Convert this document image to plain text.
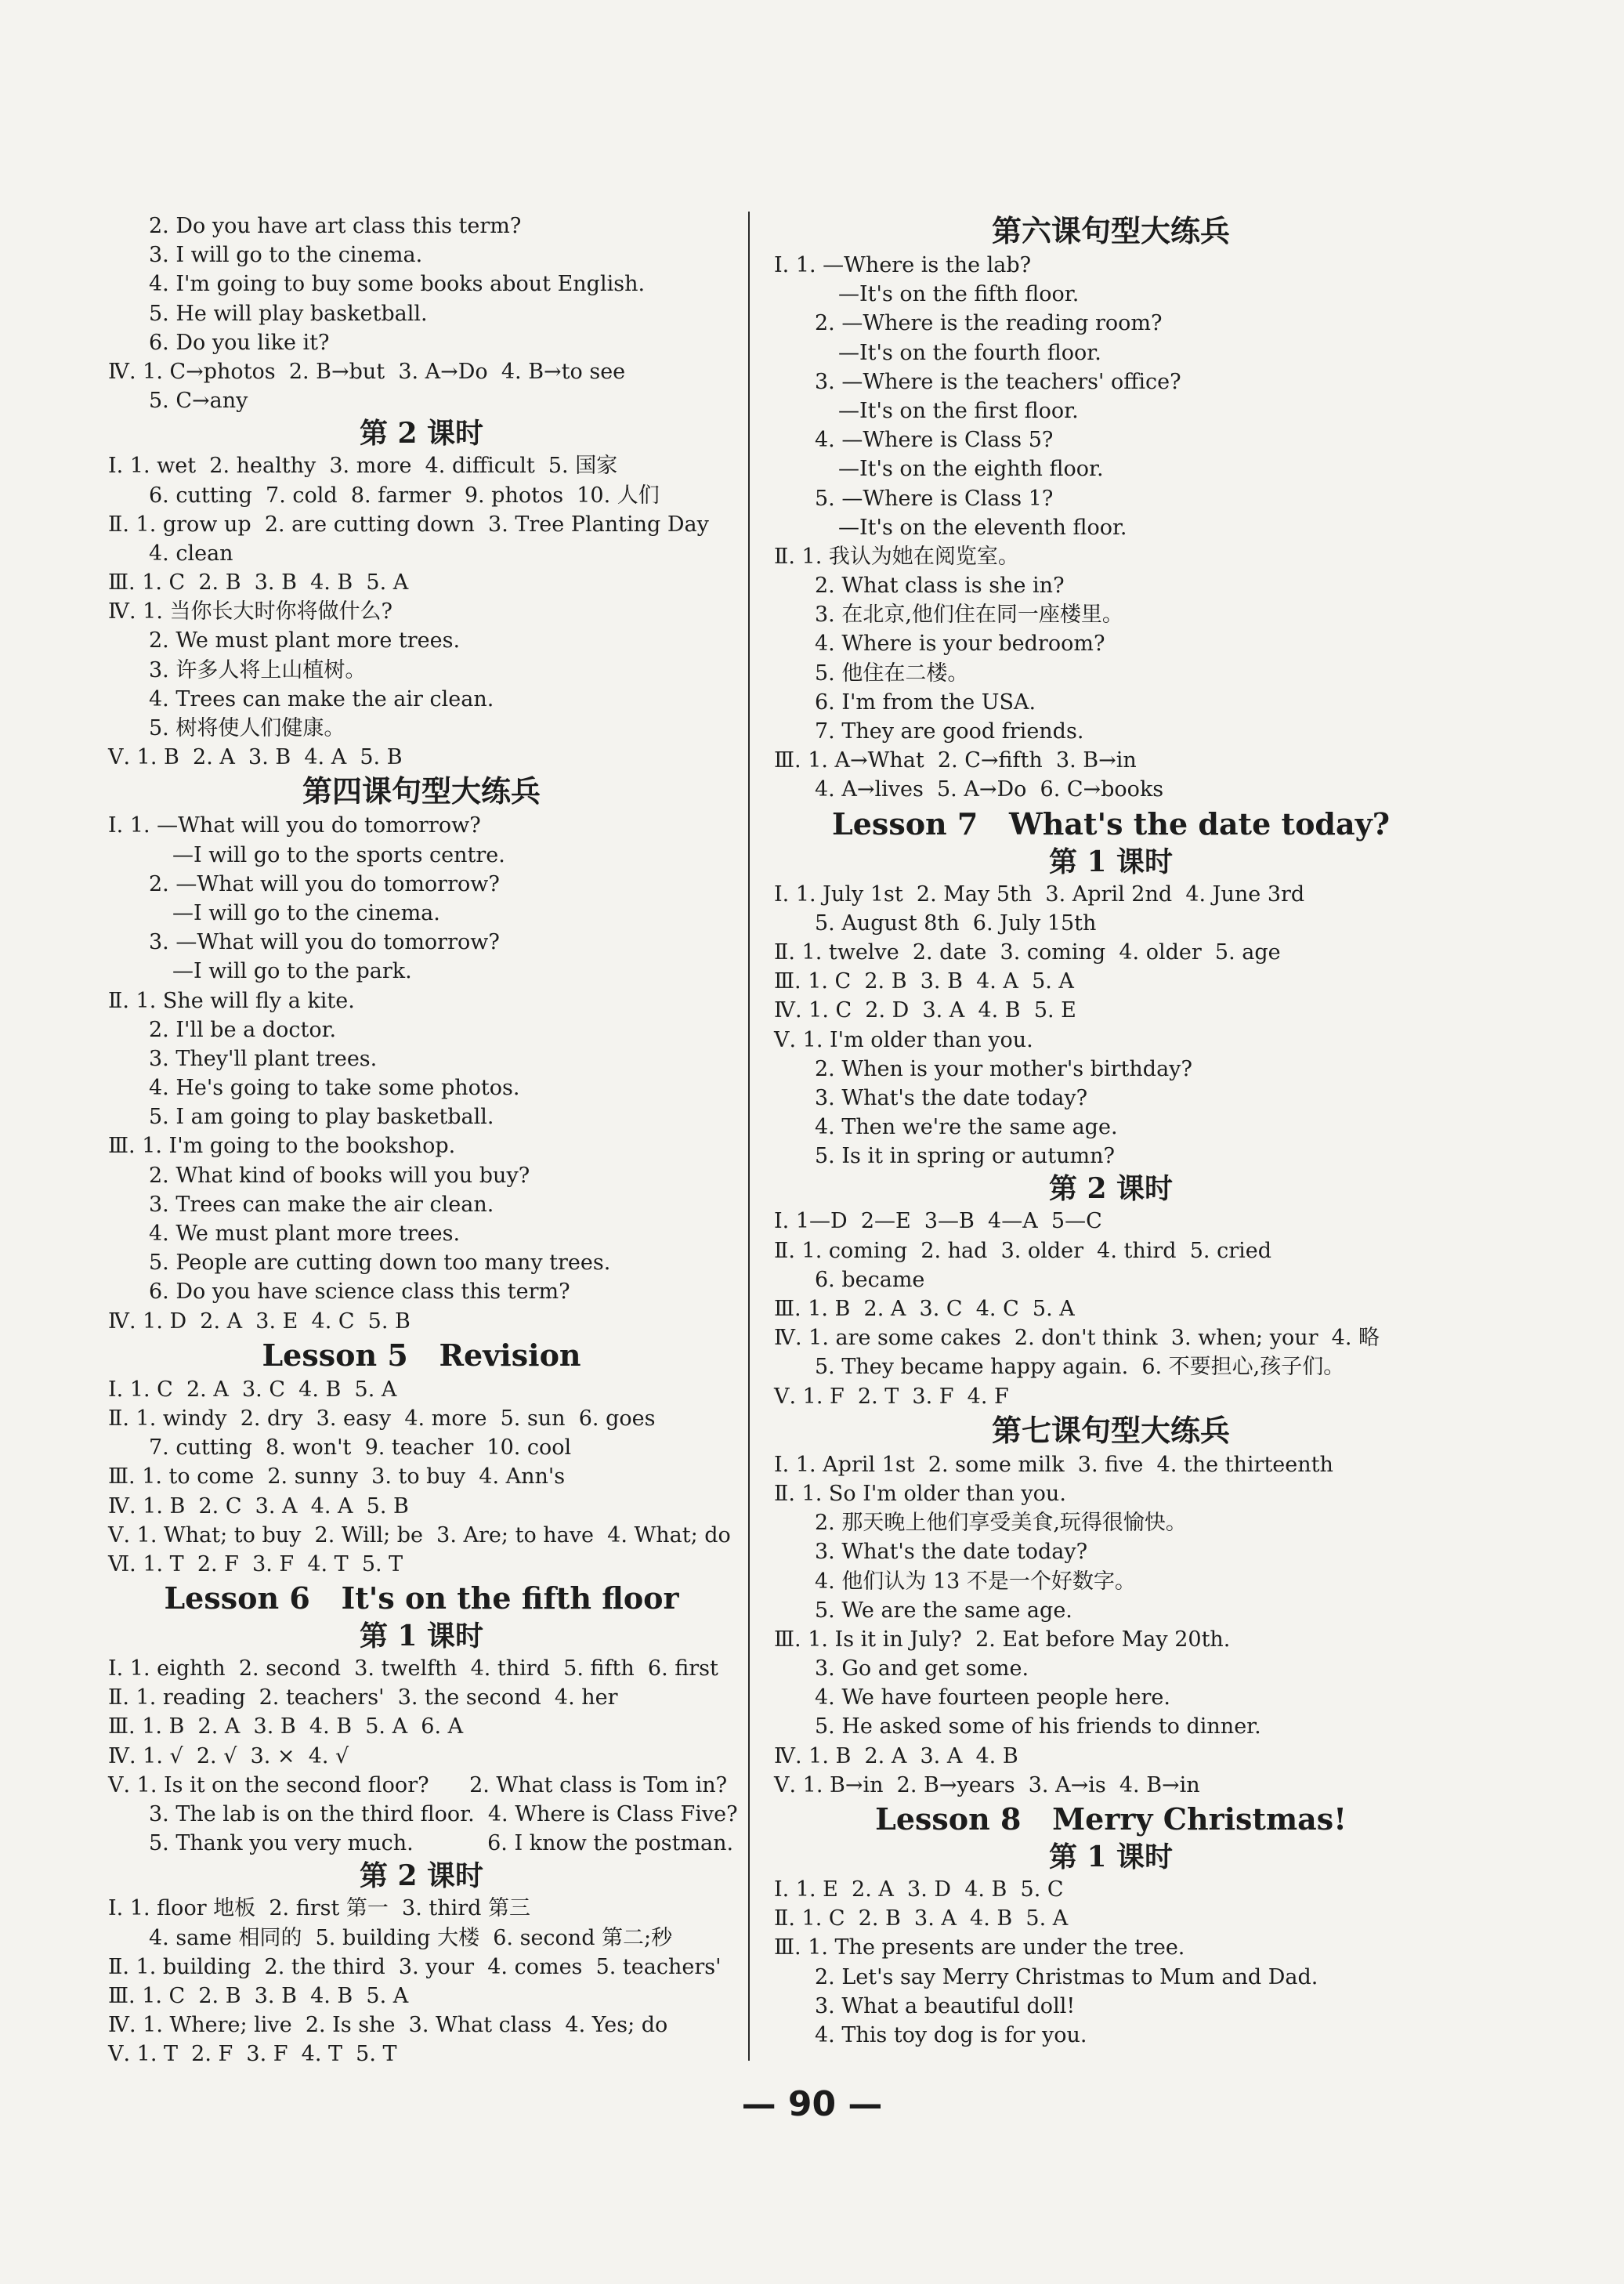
2. Do you have art class this term?
3. I will go to the cinema.
4. I'm going to buy some books about English.
5. He will play basketball.
6. Do you like it?
Ⅳ. 1. C→photos  2. B→but  3. A→Do  4. B→to see
5. C→any
第 2 课时
Ⅰ. 1. wet  2. healthy  3. more  4. difficult  5. 国家
6. cutting  7. cold  8. farmer  9. photos  10. 人们
Ⅱ. 1. grow up  2. are cutting down  3. Tree Planting Day
4. clean
Ⅲ. 1. C  2. B  3. B  4. B  5. A
Ⅳ. 1. 当你长大时你将做什么?
2. We must plant more trees.
3. 许多人将上山植树。
4. Trees can make the air clean.
5. 树将使人们健康。
Ⅴ. 1. B  2. A  3. B  4. A  5. B
第四课句型大练兵
Ⅰ. 1. —What will you do tomorrow?
—I will go to the sports centre.
2. —What will you do tomorrow?
—I will go to the cinema.
3. —What will you do tomorrow?
—I will go to the park.
Ⅱ. 1. She will fly a kite.
2. I'll be a doctor.
3. They'll plant trees.
4. He's going to take some photos.
5. I am going to play basketball.
Ⅲ. 1. I'm going to the bookshop.
2. What kind of books will you buy?
3. Trees can make the air clean.
4. We must plant more trees.
5. People are cutting down too many trees.
6. Do you have science class this term?
Ⅳ. 1. D  2. A  3. E  4. C  5. B
Lesson 5   Revision
Ⅰ. 1. C  2. A  3. C  4. B  5. A
Ⅱ. 1. windy  2. dry  3. easy  4. more  5. sun  6. goes
7. cutting  8. won't  9. teacher  10. cool
Ⅲ. 1. to come  2. sunny  3. to buy  4. Ann's
Ⅳ. 1. B  2. C  3. A  4. A  5. B
Ⅴ. 1. What; to buy  2. Will; be  3. Are; to have  4. What; do
Ⅵ. 1. T  2. F  3. F  4. T  5. T
Lesson 6   It's on the fifth floor
第 1 课时
Ⅰ. 1. eighth  2. second  3. twelfth  4. third  5. fifth  6. first
Ⅱ. 1. reading  2. teachers'  3. the second  4. her
Ⅲ. 1. B  2. A  3. B  4. B  5. A  6. A
Ⅳ. 1. √  2. √  3. ×  4. √
Ⅴ. 1. Is it on the second floor?      2. What class is Tom in?
3. The lab is on the third floor.  4. Where is Class Five?
5. Thank you very much.           6. I know the postman.
第 2 课时
Ⅰ. 1. floor 地板  2. first 第一  3. third 第三
4. same 相同的  5. building 大楼  6. second 第二;秒
Ⅱ. 1. building  2. the third  3. your  4. comes  5. teachers'
Ⅲ. 1. C  2. B  3. B  4. B  5. A
Ⅳ. 1. Where; live  2. Is she  3. What class  4. Yes; do
Ⅴ. 1. T  2. F  3. F  4. T  5. T
第六课句型大练兵
Ⅰ. 1. —Where is the lab?
—It's on the fifth floor.
2. —Where is the reading room?
—It's on the fourth floor.
3. —Where is the teachers' office?
—It's on the first floor.
4. —Where is Class 5?
—It's on the eighth floor.
5. —Where is Class 1?
—It's on the eleventh floor.
Ⅱ. 1. 我认为她在阅览室。
2. What class is she in?
3. 在北京,他们住在同一座楼里。
4. Where is your bedroom?
5. 他住在二楼。
6. I'm from the USA.
7. They are good friends.
Ⅲ. 1. A→What  2. C→fifth  3. B→in
4. A→lives  5. A→Do  6. C→books
Lesson 7   What's the date today?
第 1 课时
Ⅰ. 1. July 1st  2. May 5th  3. April 2nd  4. June 3rd
5. August 8th  6. July 15th
Ⅱ. 1. twelve  2. date  3. coming  4. older  5. age
Ⅲ. 1. C  2. B  3. B  4. A  5. A
Ⅳ. 1. C  2. D  3. A  4. B  5. E
Ⅴ. 1. I'm older than you.
2. When is your mother's birthday?
3. What's the date today?
4. Then we're the same age.
5. Is it in spring or autumn?
第 2 课时
Ⅰ. 1—D  2—E  3—B  4—A  5—C
Ⅱ. 1. coming  2. had  3. older  4. third  5. cried
6. became
Ⅲ. 1. B  2. A  3. C  4. C  5. A
Ⅳ. 1. are some cakes  2. don't think  3. when; your  4. 略
5. They became happy again.  6. 不要担心,孩子们。
Ⅴ. 1. F  2. T  3. F  4. F
第七课句型大练兵
Ⅰ. 1. April 1st  2. some milk  3. five  4. the thirteenth
Ⅱ. 1. So I'm older than you.
2. 那天晚上他们享受美食,玩得很愉快。
3. What's the date today?
4. 他们认为 13 不是一个好数字。
5. We are the same age.
Ⅲ. 1. Is it in July?  2. Eat before May 20th.
3. Go and get some.
4. We have fourteen people here.
5. He asked some of his friends to dinner.
Ⅳ. 1. B  2. A  3. A  4. B
Ⅴ. 1. B→in  2. B→years  3. A→is  4. B→in
Lesson 8   Merry Christmas!
第 1 课时
Ⅰ. 1. E  2. A  3. D  4. B  5. C
Ⅱ. 1. C  2. B  3. A  4. B  5. A
Ⅲ. 1. The presents are under the tree.
2. Let's say Merry Christmas to Mum and Dad.
3. What a beautiful doll!
4. This toy dog is for you.
— 90 —
